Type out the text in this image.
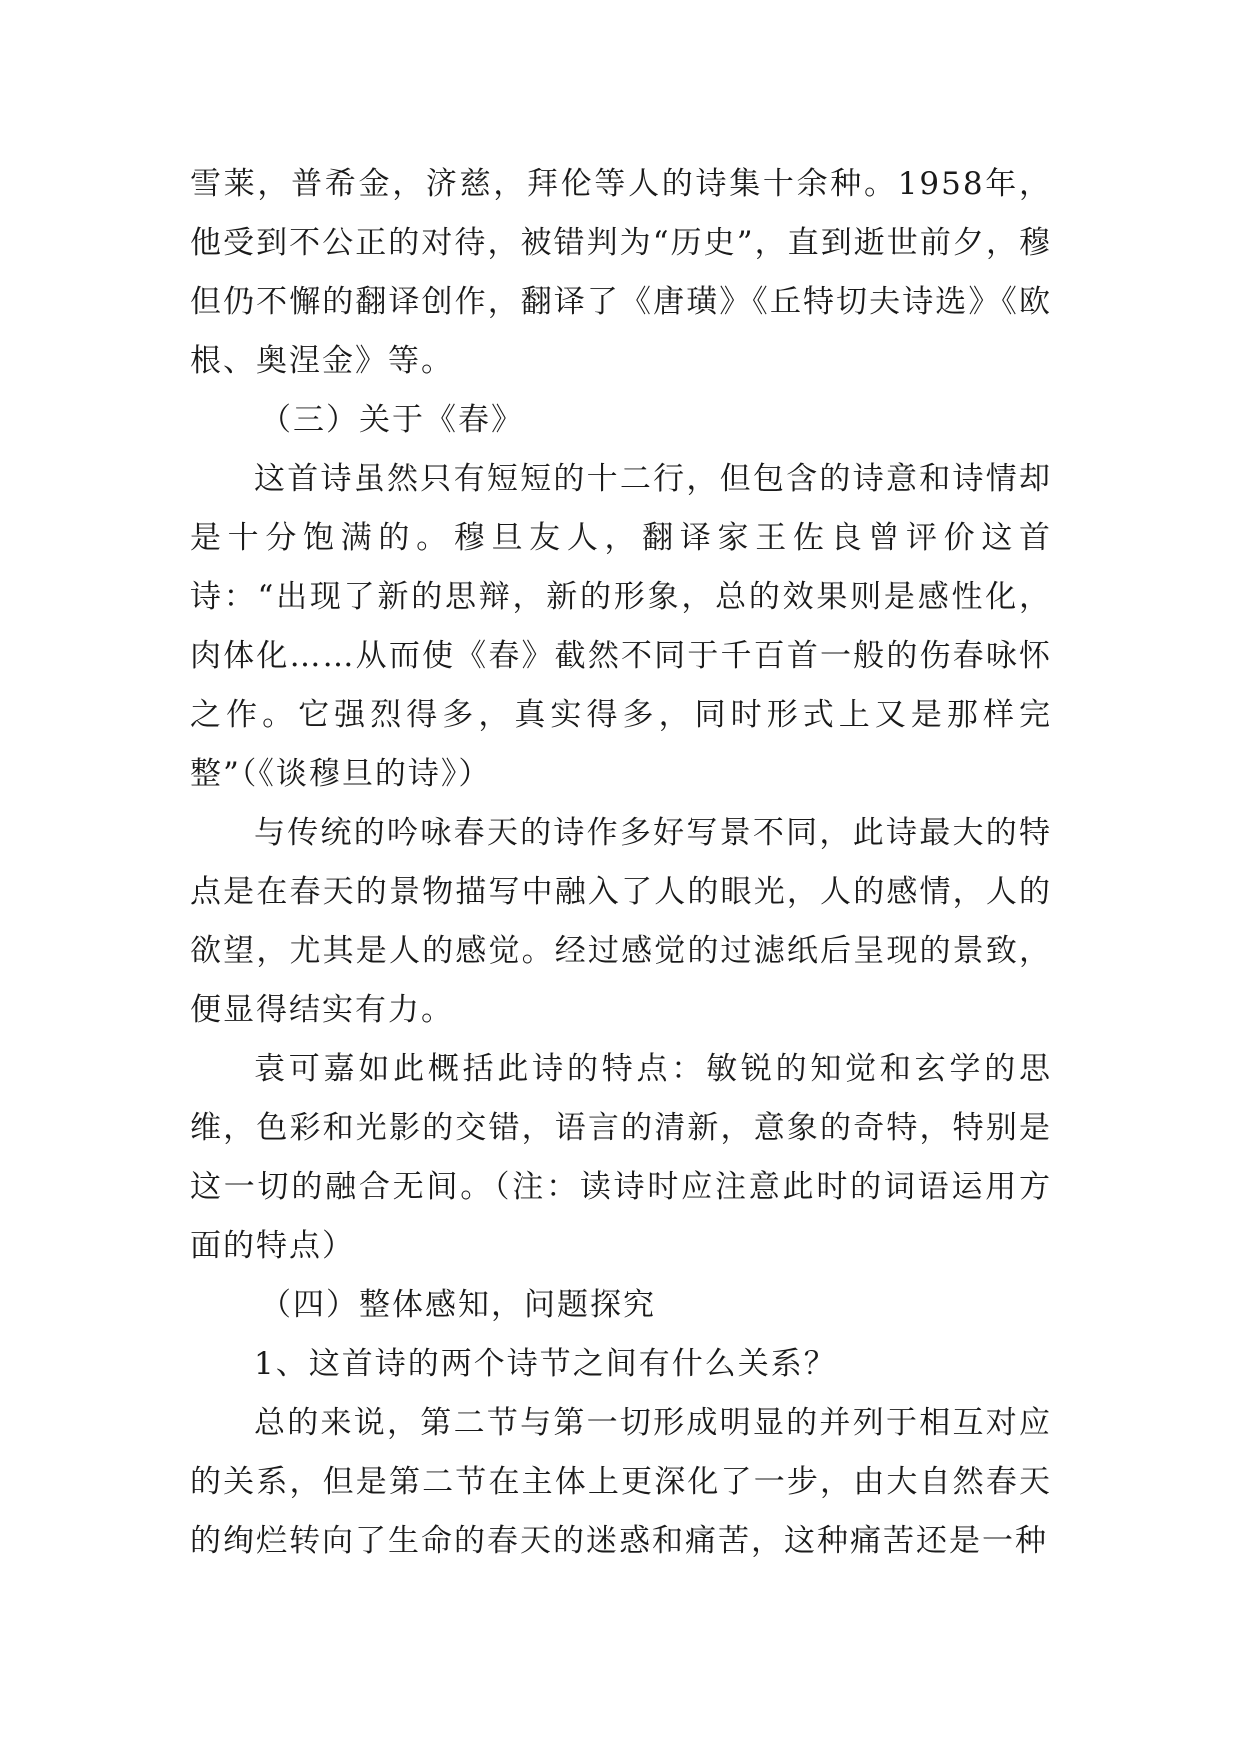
雪莱，普希金，济慈，拜伦等人的诗集十余种。1958年，他受到不公正的对待，被错判为“历史”，直到逝世前夕，穆但仍不懈的翻译创作，翻译了《唐璜》《丘特切夫诗选》《欧根、奥涅金》等。

（三）关于《春》

这首诗虽然只有短短的十二行，但包含的诗意和诗情却是十分饱满的。穆旦友人，翻译家王佐良曾评价这首诗：“出现了新的思辩，新的形象，总的效果则是感性化，肉体化……从而使《春》截然不同于千百首一般的伤春咏怀之作。它强烈得多，真实得多，同时形式上又是那样完整”（《谈穆旦的诗》）

与传统的吟咏春天的诗作多好写景不同，此诗最大的特点是在春天的景物描写中融入了人的眼光，人的感情，人的欲望，尤其是人的感觉。经过感觉的过滤纸后呈现的景致，便显得结实有力。

袁可嘉如此概括此诗的特点：敏锐的知觉和玄学的思维，色彩和光影的交错，语言的清新，意象的奇特，特别是这一切的融合无间。（注：读诗时应注意此时的词语运用方面的特点）

（四）整体感知，问题探究

1、这首诗的两个诗节之间有什么关系？

总的来说，第二节与第一切形成明显的并列于相互对应的关系，但是第二节在主体上更深化了一步，由大自然春天的绚烂转向了生命的春天的迷惑和痛苦，这种痛苦还是一种
